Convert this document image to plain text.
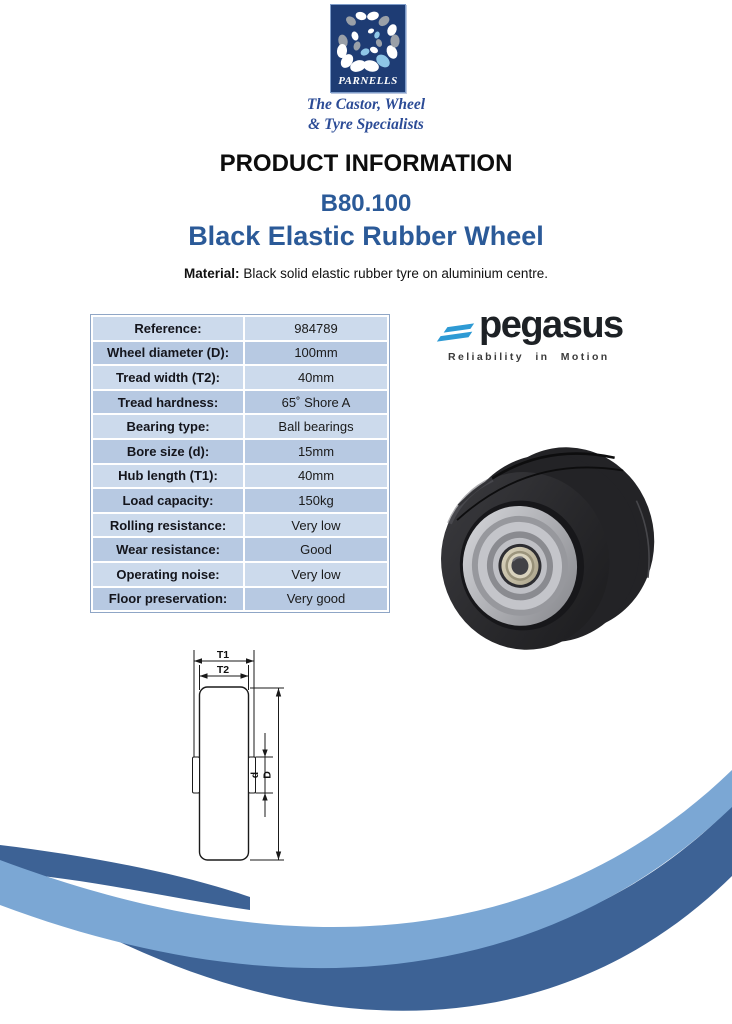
PARNELLS
The Castor, Wheel
& Tyre Specialists
PRODUCT INFORMATION
B80.100
Black Elastic Rubber Wheel
Material: Black solid elastic rubber tyre on aluminium centre.
Reference:	984789
Wheel diameter (D):	100mm
Tread width (T2):	40mm
Tread hardness:	65˚ Shore A
Bearing type:	Ball bearings
Bore size (d):	15mm
Hub length (T1):	40mm
Load capacity:	150kg
Rolling resistance:	Very low
Wear resistance:	Good
Operating noise:	Very low
Floor preservation:	Very good
pegasus
Reliability in Motion
T1
T2
d D
